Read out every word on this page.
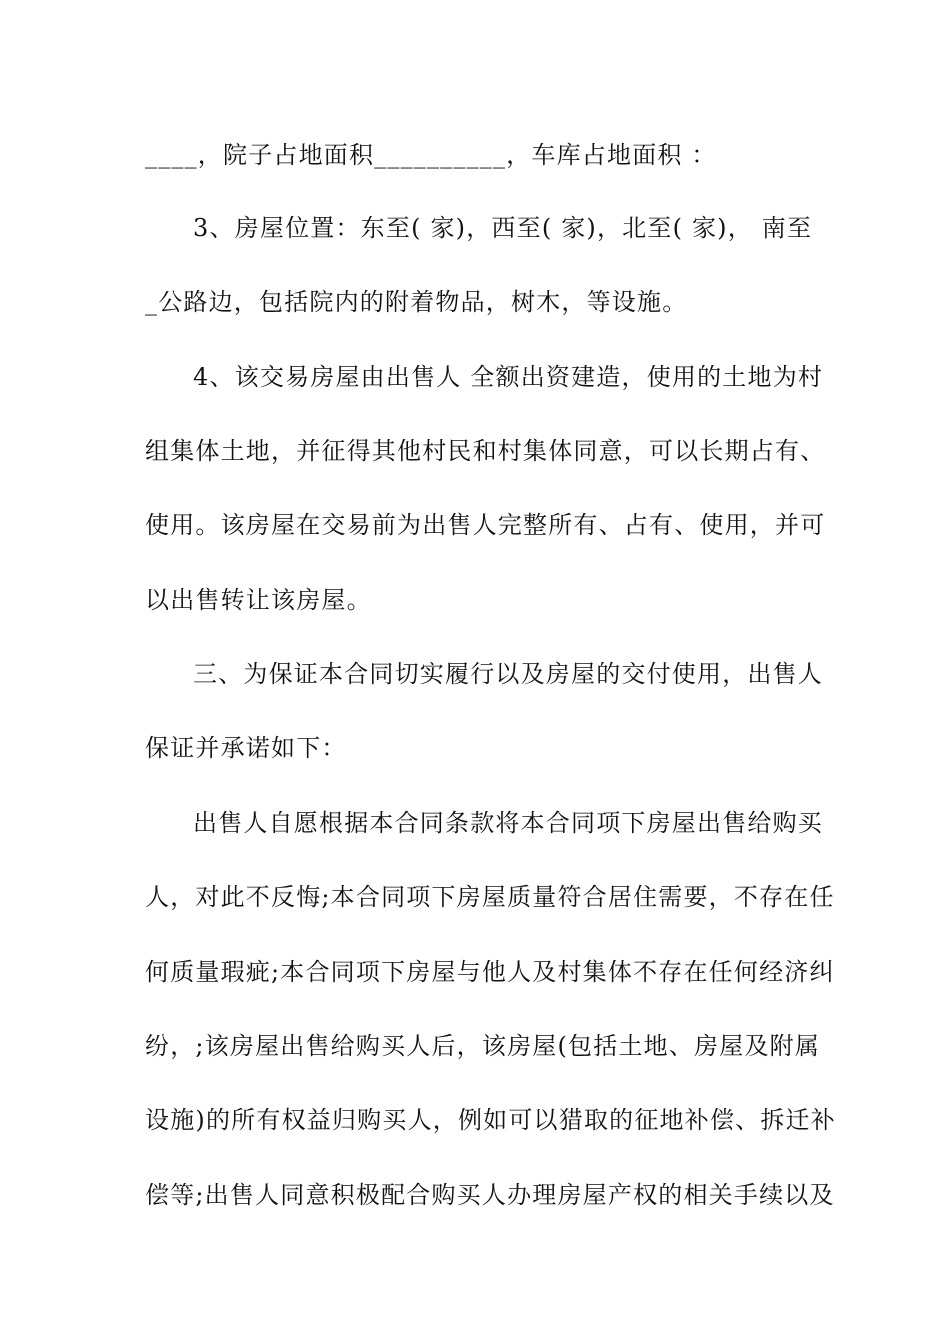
____，院子占地面积__________，车库占地面积 ：
3、房屋位置：东至( 家)，西至( 家)，北至( 家)， 南至
_公路边，包括院内的附着物品，树木，等设施。
4、该交易房屋由出售人 全额出资建造，使用的土地为村
组集体土地，并征得其他村民和村集体同意，可以长期占有、
使用。该房屋在交易前为出售人完整所有、占有、使用，并可
以出售转让该房屋。
三、为保证本合同切实履行以及房屋的交付使用，出售人
保证并承诺如下：
出售人自愿根据本合同条款将本合同项下房屋出售给购买
人，对此不反悔;本合同项下房屋质量符合居住需要，不存在任
何质量瑕疵;本合同项下房屋与他人及村集体不存在任何经济纠
纷，;该房屋出售给购买人后，该房屋(包括土地、房屋及附属
设施)的所有权益归购买人，例如可以猎取的征地补偿、拆迁补
偿等;出售人同意积极配合购买人办理房屋产权的相关手续以及
